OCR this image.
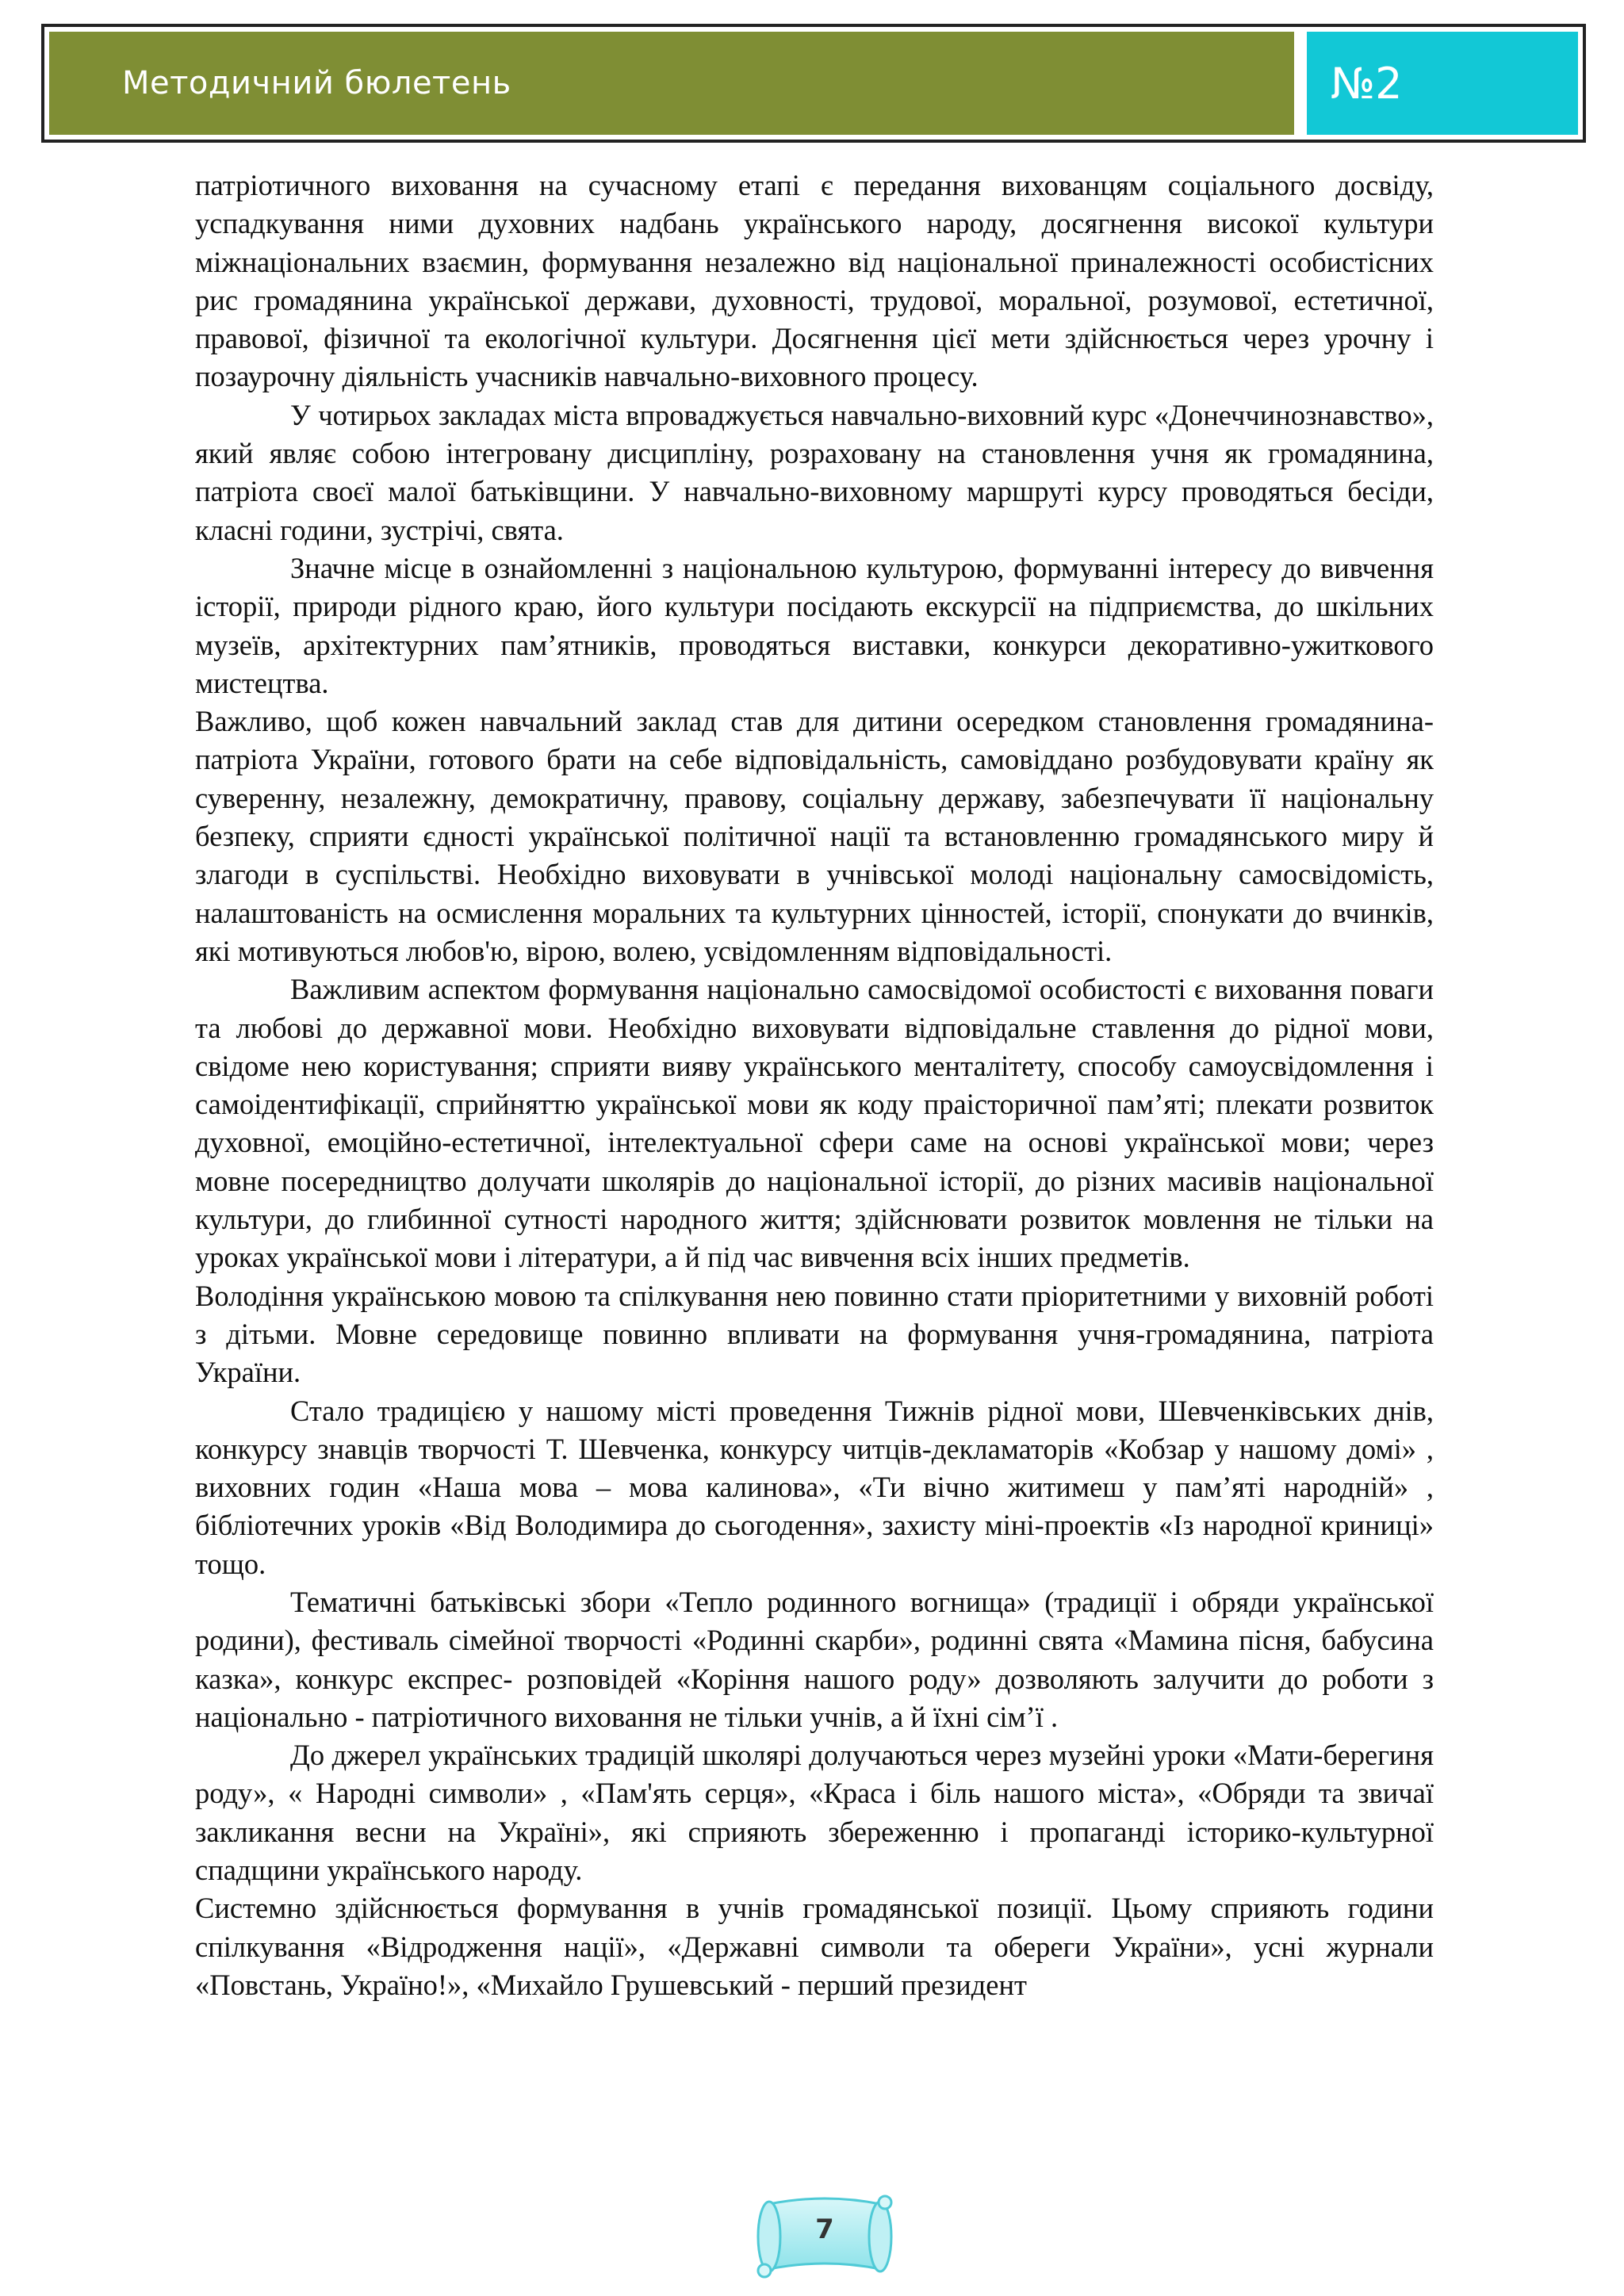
Методичний бюлетень	№2

патріотичного виховання на сучасному етапі є передання вихованцям соціального досвіду, успадкування ними духовних надбань українського народу, досягнення високої культури міжнаціональних взаємин, формування незалежно від національної приналежності особистісних рис громадянина української держави, духовності, трудової, моральної, розумової, естетичної, правової, фізичної та екологічної культури. Досягнення цієї мети здійснюється через урочну і позаурочну діяльність учасників навчально-виховного процесу.

У чотирьох закладах міста впроваджується навчально-виховний курс «Донеччинознавство», який являє собою інтегровану дисципліну, розраховану на становлення учня як громадянина, патріота своєї малої батьківщини. У навчально-виховному маршруті курсу проводяться бесіди, класні години, зустрічі, свята.

Значне місце в ознайомленні з національною культурою, формуванні інтересу до вивчення історії, природи рідного краю, його культури посідають екскурсії на підприємства, до шкільних музеїв, архітектурних пам’ятників, проводяться виставки, конкурси декоративно-ужиткового мистецтва.

Важливо, щоб кожен навчальний заклад став для дитини осередком становлення громадянина-патріота України, готового брати на себе відповідальність, самовіддано розбудовувати країну як суверенну, незалежну, демократичну, правову, соціальну державу, забезпечувати її національну безпеку, сприяти єдності української політичної нації та встановленню громадянського миру й злагоди в суспільстві. Необхідно виховувати в учнівської молоді національну самосвідомість, налаштованість на осмислення моральних та культурних цінностей, історії, спонукати до вчинків, які мотивуються любов'ю, вірою, волею, усвідомленням відповідальності.

Важливим аспектом формування національно самосвідомої особистості є виховання поваги та любові до державної мови. Необхідно виховувати відповідальне ставлення до рідної мови, свідоме нею користування; сприяти вияву українського менталітету, способу самоусвідомлення і самоідентифікації, сприйняттю української мови як коду праісторичної пам’яті; плекати розвиток духовної, емоційно-естетичної, інтелектуальної сфери саме на основі української мови; через мовне посередництво долучати школярів до національної історії, до різних масивів національної культури, до глибинної сутності народного життя; здійснювати розвиток мовлення не тільки на уроках української мови і літератури, а й під час вивчення всіх інших предметів.

Володіння українською мовою та спілкування нею повинно стати пріоритетними у виховній роботі з дітьми. Мовне середовище повинно впливати на формування учня-громадянина, патріота України.

Стало традицією у нашому місті проведення Тижнів рідної мови, Шевченківських днів, конкурсу знавців творчості Т. Шевченка, конкурсу читців-декламаторів «Кобзар у нашому домі» , виховних годин «Наша мова – мова калинова», «Ти вічно житимеш у пам’яті народній» , бібліотечних уроків «Від Володимира до сьогодення», захисту міні-проектів «Із народної криниці» тощо.

Тематичні батьківські збори «Тепло родинного вогнища» (традиції і обряди української родини), фестиваль сімейної творчості «Родинні скарби», родинні свята «Мамина пісня, бабусина казка», конкурс експрес- розповідей «Коріння нашого роду» дозволяють залучити до роботи з національно - патріотичного виховання не тільки учнів, а й їхні сім’ї .

До джерел українських традицій школярі долучаються через музейні уроки «Мати-берегиня роду», « Народні символи» , «Пам'ять серця», «Краса і біль нашого міста», «Обряди та звичаї закликання весни на Україні», які сприяють збереженню і пропаганді історико-культурної спадщини українського народу.

Системно здійснюється формування в учнів громадянської позиції. Цьому сприяють години спілкування «Відродження нації», «Державні символи та обереги України», усні журнали «Повстань, Україно!», «Михайло Грушевський - перший президент

7
